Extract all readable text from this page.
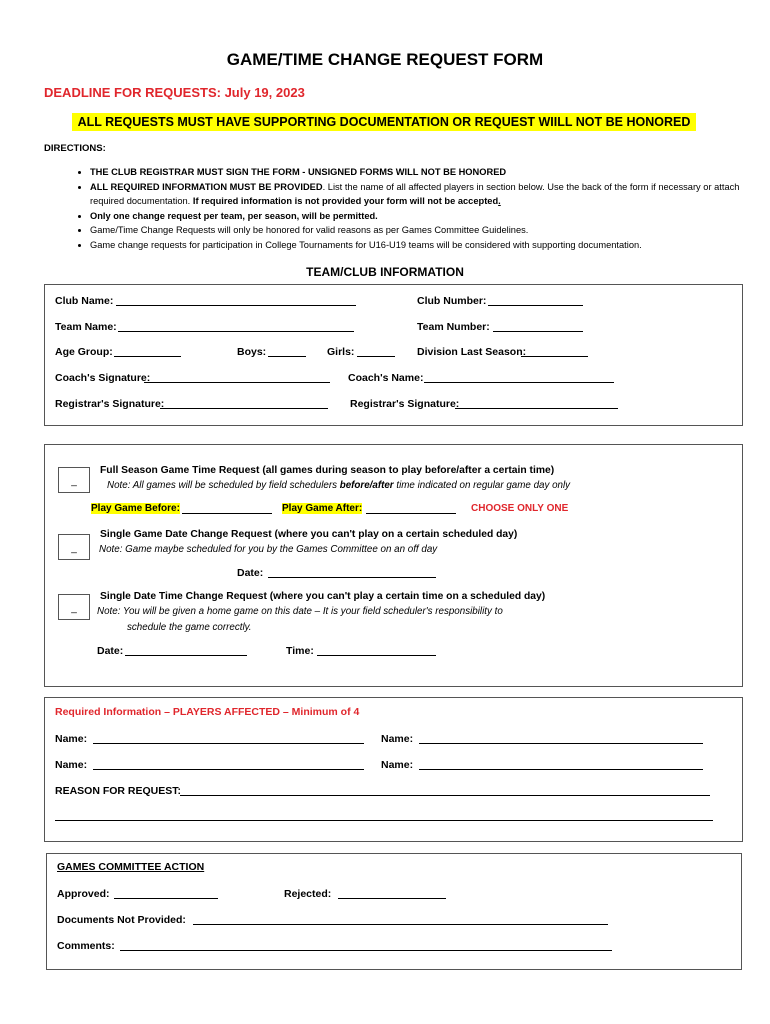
GAME/TIME CHANGE REQUEST FORM
DEADLINE FOR REQUESTS: July 19, 2023
ALL REQUESTS MUST HAVE SUPPORTING DOCUMENTATION OR REQUEST WIILL NOT BE HONORED
DIRECTIONS:
• THE CLUB REGISTRAR MUST SIGN THE FORM - UNSIGNED FORMS WILL NOT BE HONORED
• ALL REQUIRED INFORMATION MUST BE PROVIDED. List the name of all affected players in section below. Use the back of the form if necessary or attach required documentation. If required information is not provided your form will not be accepted.
• Only one change request per team, per season, will be permitted.
• Game/Time Change Requests will only be honored for valid reasons as per Games Committee Guidelines.
• Game change requests for participation in College Tournaments for U16-U19 teams will be considered with supporting documentation.
TEAM/CLUB INFORMATION
Club Name:	Club Number:
Team Name:	Team Number:
Age Group:	Boys:	Girls:	Division Last Season:
Coach's Signature:	Coach's Name:
Registrar's Signature:	Registrar's Signature:
_
Full Season Game Time Request (all games during season to play before/after a certain time)
Note: All games will be scheduled by field schedulers before/after time indicated on regular game day only
Play Game Before:	Play Game After:	CHOOSE ONLY ONE
_
Single Game Date Change Request (where you can't play on a certain scheduled day)
Note: Game maybe scheduled for you by the Games Committee on an off day
Date:
_
Single Date Time Change Request (where you can't play a certain time on a scheduled day)
Note: You will be given a home game on this date – It is your field scheduler's responsibility to
schedule the game correctly.
Date:	Time:
Required Information – PLAYERS AFFECTED – Minimum of 4
Name:	Name:
Name:	Name:
REASON FOR REQUEST:
GAMES COMMITTEE ACTION
Approved:	Rejected:
Documents Not Provided:
Comments:
